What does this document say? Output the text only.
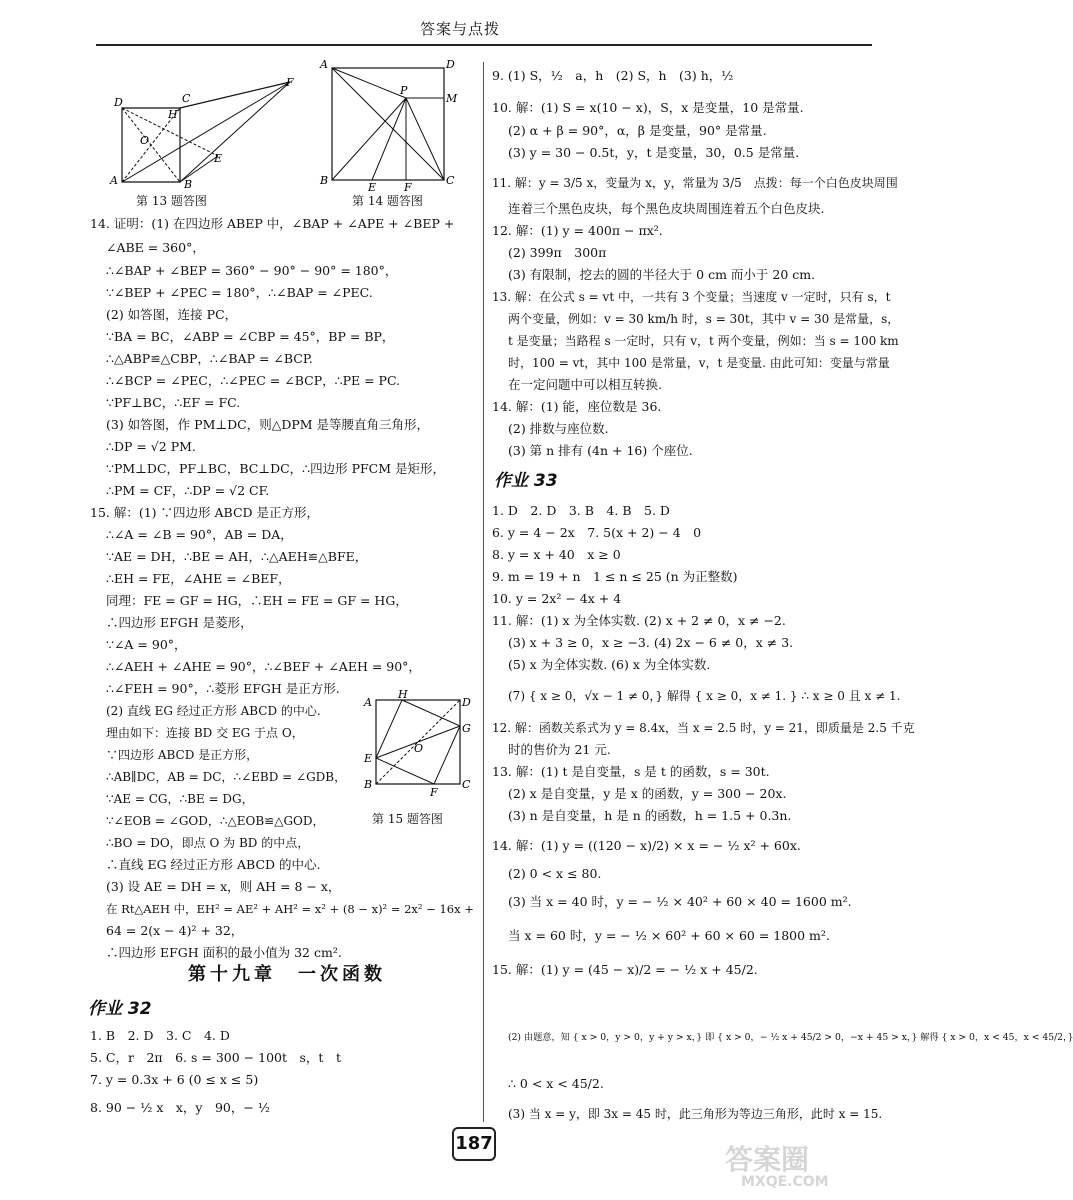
答案与点拨
D	C
F
H
O
E
A	B
第 13 题答图
A	D
P
M
B
E	F
C
第 14 题答图
A
H
D
G
E
O
F
B	C
第 15 题答图
14. 证明：(1) 在四边形 ABEP 中，∠BAP + ∠APE + ∠BEP +
∠ABE = 360°，
∴∠BAP + ∠BEP = 360° − 90° − 90° = 180°，
∵∠BEP + ∠PEC = 180°，∴∠BAP = ∠PEC.
(2) 如答图，连接 PC，
∵BA = BC，∠ABP = ∠CBP = 45°，BP = BP，
∴△ABP≌△CBP，∴∠BAP = ∠BCP.
∴∠BCP = ∠PEC，∴∠PEC = ∠BCP，∴PE = PC.
∵PF⊥BC，∴EF = FC.
(3) 如答图，作 PM⊥DC，则△DPM 是等腰直角三角形，
∴DP = √2 PM.
∵PM⊥DC，PF⊥BC，BC⊥DC，∴四边形 PFCM 是矩形，
∴PM = CF，∴DP = √2 CF.
15. 解：(1) ∵四边形 ABCD 是正方形，
∴∠A = ∠B = 90°，AB = DA，
∵AE = DH，∴BE = AH，∴△AEH≌△BFE，
∴EH = FE，∠AHE = ∠BEF，
同理：FE = GF = HG，∴EH = FE = GF = HG，
∴四边形 EFGH 是菱形，
∵∠A = 90°，
∴∠AEH + ∠AHE = 90°，∴∠BEF + ∠AEH = 90°，
∴∠FEH = 90°，∴菱形 EFGH 是正方形.
(2) 直线 EG 经过正方形 ABCD 的中心.
理由如下：连接 BD 交 EG 于点 O，
∵四边形 ABCD 是正方形，
∴AB∥DC，AB = DC，∴∠EBD = ∠GDB，
∵AE = CG，∴BE = DG，
∵∠EOB = ∠GOD，∴△EOB≌△GOD，
∴BO = DO，即点 O 为 BD 的中点，
∴直线 EG 经过正方形 ABCD 的中心.
(3) 设 AE = DH = x，则 AH = 8 − x，
在 Rt△AEH 中，EH² = AE² + AH² = x² + (8 − x)² = 2x² − 16x +
64 = 2(x − 4)² + 32，
∴四边形 EFGH 面积的最小值为 32 cm².
第十九章　一次函数
作业 32
1. B　2. D　3. C　4. D
5. C，r　2π　6. s = 300 − 100t　s，t　t
7. y = 0.3x + 6 (0 ≤ x ≤ 5)
8. 90 − ½ x　x，y　90，− ½
9. (1) S，½　a，h　(2) S，h　(3) h，½
10. 解：(1) S = x(10 − x)，S，x 是变量，10 是常量.
(2) α + β = 90°，α，β 是变量，90° 是常量.
(3) y = 30 − 0.5t，y，t 是变量，30，0.5 是常量.
11. 解：y = 3/5 x，变量为 x，y，常量为 3/5　点拨：每一个白色皮块周围
连着三个黑色皮块，每个黑色皮块周围连着五个白色皮块.
12. 解：(1) y = 400π − πx².
(2) 399π　300π
(3) 有限制，挖去的圆的半径大于 0 cm 而小于 20 cm.
13. 解：在公式 s = vt 中，一共有 3 个变量；当速度 v 一定时，只有 s，t
两个变量，例如：v = 30 km/h 时，s = 30t，其中 v = 30 是常量，s，
t 是变量；当路程 s 一定时，只有 v，t 两个变量，例如：当 s = 100 km
时，100 = vt，其中 100 是常量，v，t 是变量. 由此可知：变量与常量
在一定问题中可以相互转换.
14. 解：(1) 能，座位数是 36.
(2) 排数与座位数.
(3) 第 n 排有 (4n + 16) 个座位.
作业 33
1. D　2. D　3. B　4. B　5. D
6. y = 4 − 2x　7. 5(x + 2) − 4　0
8. y = x + 40　x ≥ 0
9. m = 19 + n　1 ≤ n ≤ 25 (n 为正整数)
10. y = 2x² − 4x + 4
11. 解：(1) x 为全体实数. (2) x + 2 ≠ 0，x ≠ −2.
(3) x + 3 ≥ 0，x ≥ −3. (4) 2x − 6 ≠ 0，x ≠ 3.
(5) x 为全体实数. (6) x 为全体实数.
(7) { x ≥ 0，√x − 1 ≠ 0，} 解得 { x ≥ 0，x ≠ 1. } ∴ x ≥ 0 且 x ≠ 1.
12. 解：函数关系式为 y = 8.4x，当 x = 2.5 时，y = 21，即质量是 2.5 千克
时的售价为 21 元.
13. 解：(1) t 是自变量，s 是 t 的函数，s = 30t.
(2) x 是自变量，y 是 x 的函数，y = 300 − 20x.
(3) n 是自变量，h 是 n 的函数，h = 1.5 + 0.3n.
14. 解：(1) y = ((120 − x)/2) × x = − ½ x² + 60x.
(2) 0 < x ≤ 80.
(3) 当 x = 40 时，y = − ½ × 40² + 60 × 40 = 1600 m².
当 x = 60 时，y = − ½ × 60² + 60 × 60 = 1800 m².
15. 解：(1) y = (45 − x)/2 = − ½ x + 45/2.
(2) 由题意，知 { x > 0，y > 0，y + y > x，} 即 { x > 0，− ½ x + 45/2 > 0，−x + 45 > x，} 解得 { x > 0，x < 45，x < 45/2，}
∴ 0 < x < 45/2.
(3) 当 x = y，即 3x = 45 时，此三角形为等边三角形，此时 x = 15.
187	答案圈
MXQE.COM
